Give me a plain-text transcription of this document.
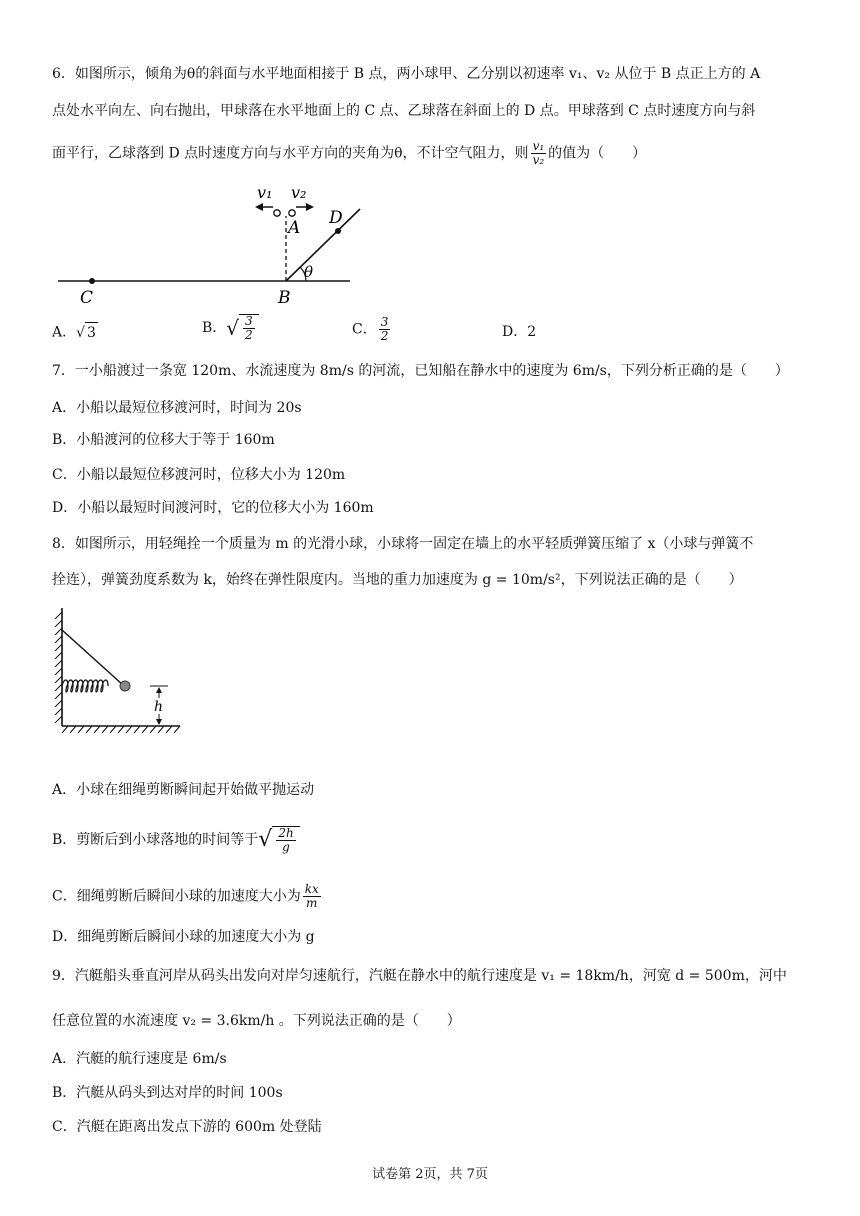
6．如图所示，倾角为θ的斜面与水平地面相接于 B 点，两小球甲、乙分别以初速率 v₁、v₂ 从位于 B 点正上方的 A
点处水平向左、向右抛出，甲球落在水平地面上的 C 点、乙球落在斜面上的 D 点。甲球落到 C 点时速度方向与斜
面平行，乙球落到 D 点时速度方向与水平方向的夹角为θ，不计空气阻力，则 $\frac{\text{v₁}}{\text{v₂}}$ 的值为（　　）
v₁ v₂
A
B
C
D
θ
A．√ 3	B． √ $\frac{3}{2}$	C． $\frac{3}{2}$	D．2
7．一小船渡过一条宽 120m、水流速度为 8m/s 的河流，已知船在静水中的速度为 6m/s，下列分析正确的是（　　）
A．小船以最短位移渡河时，时间为 20s
B．小船渡河的位移大于等于 160m
C．小船以最短位移渡河时，位移大小为 120m
D．小船以最短时间渡河时，它的位移大小为 160m
8．如图所示，用轻绳拴一个质量为 m 的光滑小球，小球将一固定在墙上的水平轻质弹簧压缩了 x（小球与弹簧不
拴连），弹簧劲度系数为 k，始终在弹性限度内。当地的重力加速度为 g = 10m/s²，下列说法正确的是（　　）
h
A．小球在细绳剪断瞬间起开始做平抛运动
B．剪断后到小球落地的时间等于 √ $\frac{2h}{g}$
C．细绳剪断后瞬间小球的加速度大小为 $\frac{kx}{m}$
D．细绳剪断后瞬间小球的加速度大小为 g
9．汽艇船头垂直河岸从码头出发向对岸匀速航行，汽艇在静水中的航行速度是 v₁ = 18km/h，河宽 d = 500m，河中
任意位置的水流速度 v₂ = 3.6km/h 。下列说法正确的是（　　）
A．汽艇的航行速度是 6m/s
B．汽艇从码头到达对岸的时间 100s
C．汽艇在距离出发点下游的 600m 处登陆
试卷第 2页，共 7页
